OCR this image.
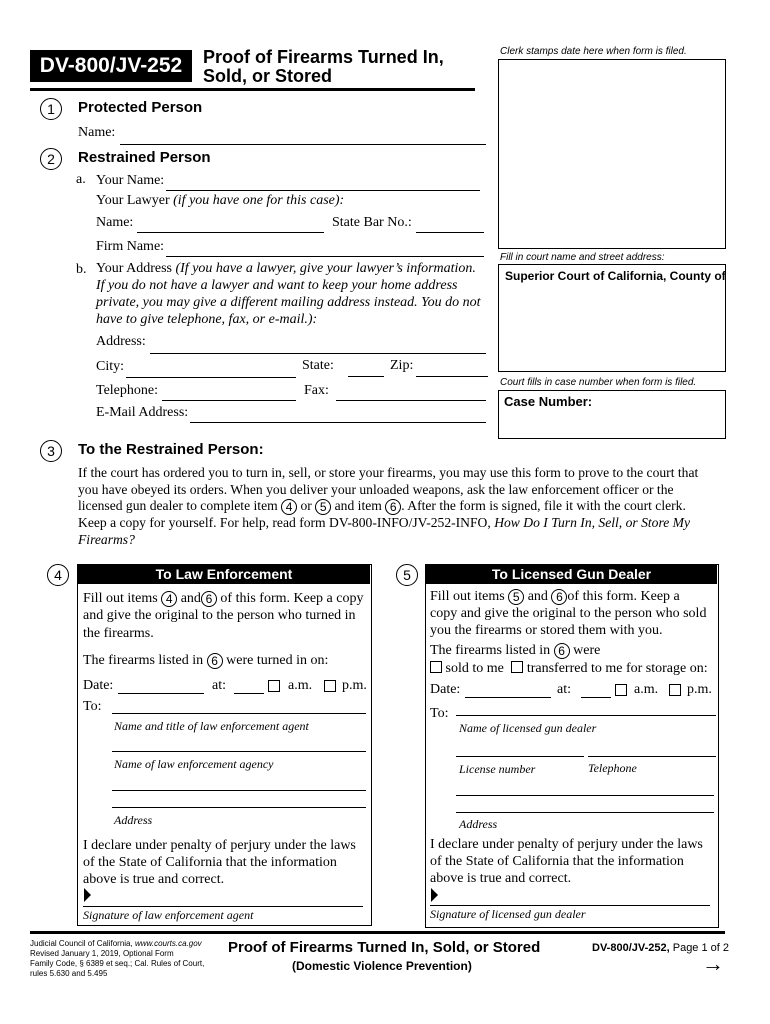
DV-800/JV-252	Proof of Firearms Turned In,
Sold, or Stored
Clerk stamps date here when form is filed.
Fill in court name and street address:
Superior Court of California, County of
Court fills in case number when form is filed.
Case Number:
1	Protected Person
Name:
2	Restrained Person
a. Your Name:
Your Lawyer (if you have one for this case):
Name:	State Bar No.:
Firm Name:
b. Your Address (If you have a lawyer, give your lawyer’s information.
If you do not have a lawyer and want to keep your home address
private, you may give a different mailing address instead. You do not
have to give telephone, fax, or e-mail.):
Address:
City:	State:	Zip:
Telephone:	Fax:
E-Mail Address:
3	To the Restrained Person:
If the court has ordered you to turn in, sell, or store your firearms, you may use this form to prove to the court that
you have obeyed its orders. When you deliver your unloaded weapons, ask the law enforcement officer or the
licensed gun dealer to complete item 4 or 5 and item 6 . After the form is signed, file it with the court clerk.
Keep a copy for yourself. For help, read form DV-800-INFO/JV-252-INFO, How Do I Turn In, Sell, or Store My
Firearms?
4	To Law Enforcement
Fill out items 4 and 6 of this form. Keep a copy
and give the original to the person who turned in
the firearms.
The firearms listed in 6 were turned in on:
Date:	at:	a.m. p.m.
To:
Name and title of law enforcement agent
Name of law enforcement agency
Address
I declare under penalty of perjury under the laws
of the State of California that the information
above is true and correct.
Signature of law enforcement agent
5	To Licensed Gun Dealer
Fill out items 5 and 6 of this form. Keep a
copy and give the original to the person who sold
you the firearms or stored them with you.
The firearms listed in 6 were
sold to me transferred to me for storage on:
Date:	at:	a.m. p.m.
To:
Name of licensed gun dealer
License number	Telephone
Address
I declare under penalty of perjury under the laws
of the State of California that the information
above is true and correct.
Signature of licensed gun dealer
Judicial Council of California, www.courts.ca.gov
Revised January 1, 2019, Optional Form
Family Code, § 6389 et seq.; Cal. Rules of Court,
rules 5.630 and 5.495
Proof of Firearms Turned In, Sold, or Stored
(Domestic Violence Prevention)
DV-800/JV-252, Page 1 of 2
→
